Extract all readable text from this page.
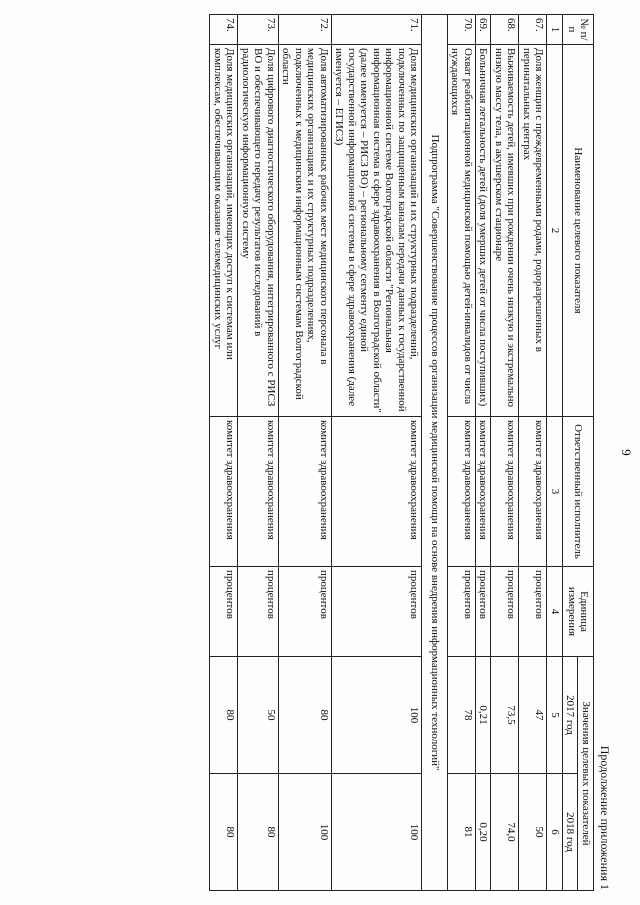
9
Продолжение приложения 1
№ п/п	Наименование целевого показателя	Ответственный исполнитель	Единица измерения	Значения целевых показателей	
				2017 год	2018 год
1	2	3	4	5	6
67.	Доля женщин с преждевременными родами, родоразрешенных в перинатальных центрах	комитет здравоохранения	процентов	47	50
68.	Выживаемость детей, имевших при рождении очень низкую и экстремально низкую массу тела, в акушерском стационаре	комитет здравоохранения	процентов	73,5	74,0
69.	Больничная летальность детей (доля умерших детей от числа поступивших)	комитет здравоохранения	процентов	0,21	0,20
70.	Охват реабилитационной медицинской помощью детей-инвалидов от числа нуждающихся	комитет здравоохранения	процентов	78	81
Подпрограмма "Совершенствование процессов организации медицинской помощи на основе внедрения информационных технологий"					
71.	Доля медицинских организаций и их структурных подразделений, подключенных по защищенным каналам передачи данных к государственной информационной системе Волгоградской области "Региональная информационная система в сфере здравоохранения в Волгоградской области" (далее именуется – РИСЗ ВО) – региональному сегменту единой государственной информационной системы в сфере здравоохранения (далее именуется – ЕГИСЗ)	комитет здравоохранения	процентов	100	100
72.	Доля автоматизированных рабочих мест медицинского персонала в медицинских организациях и их структурных подразделениях, подключенных к медицинским информационным системам Волгоградской области	комитет здравоохранения	процентов	80	100
73.	Доля цифрового диагностического оборудования, интегрированного с РИСЗ ВО и обеспечивающего передачу результатов исследований в радиологическую информационную систему	комитет здравоохранения	процентов	50	80
74.	Доля медицинских организаций, имеющих доступ к системам или комплексам, обеспечивающим оказание телемедицинских услуг	комитет здравоохранения	процентов	80	80
